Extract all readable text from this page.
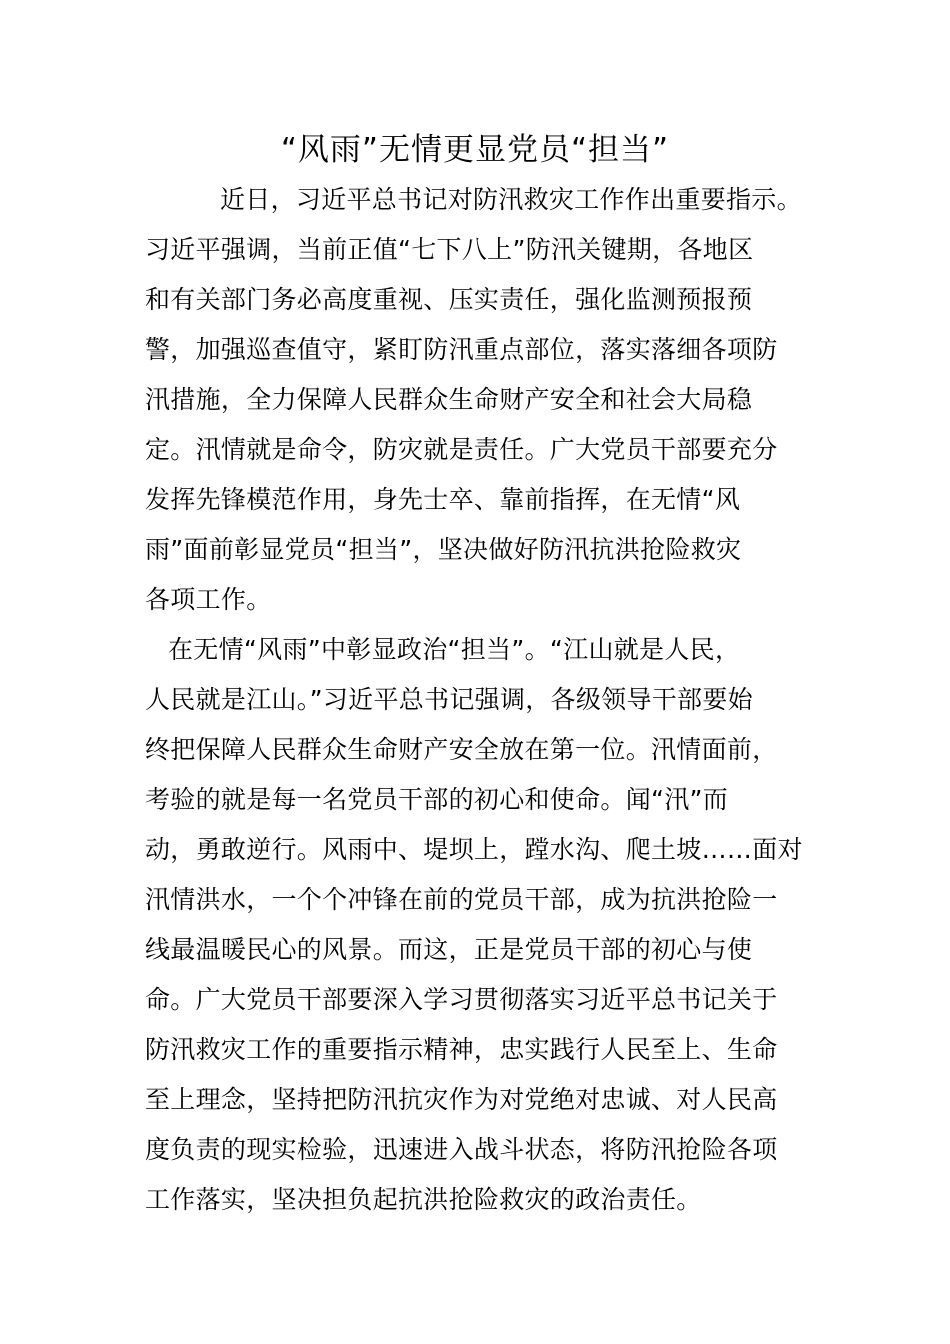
“风雨”无情更显党员“担当”
近日，习近平总书记对防汛救灾工作作出重要指示。
习近平强调，当前正值“七下八上”防汛关键期，各地区
和有关部门务必高度重视、压实责任，强化监测预报预
警，加强巡查值守，紧盯防汛重点部位，落实落细各项防
汛措施，全力保障人民群众生命财产安全和社会大局稳
定。汛情就是命令，防灾就是责任。广大党员干部要充分
发挥先锋模范作用，身先士卒、靠前指挥，在无情“风
雨”面前彰显党员“担当”，坚决做好防汛抗洪抢险救灾
各项工作。
在无情“风雨”中彰显政治“担当”。“江山就是人民，
人民就是江山。”习近平总书记强调，各级领导干部要始
终把保障人民群众生命财产安全放在第一位。汛情面前，
考验的就是每一名党员干部的初心和使命。闻“汛”而
动，勇敢逆行。风雨中、堤坝上，蹚水沟、爬土坡……面对
汛情洪水，一个个冲锋在前的党员干部，成为抗洪抢险一
线最温暖民心的风景。而这，正是党员干部的初心与使
命。广大党员干部要深入学习贯彻落实习近平总书记关于
防汛救灾工作的重要指示精神，忠实践行人民至上、生命
至上理念，坚持把防汛抗灾作为对党绝对忠诚、对人民高
度负责的现实检验，迅速进入战斗状态，将防汛抢险各项
工作落实，坚决担负起抗洪抢险救灾的政治责任。
